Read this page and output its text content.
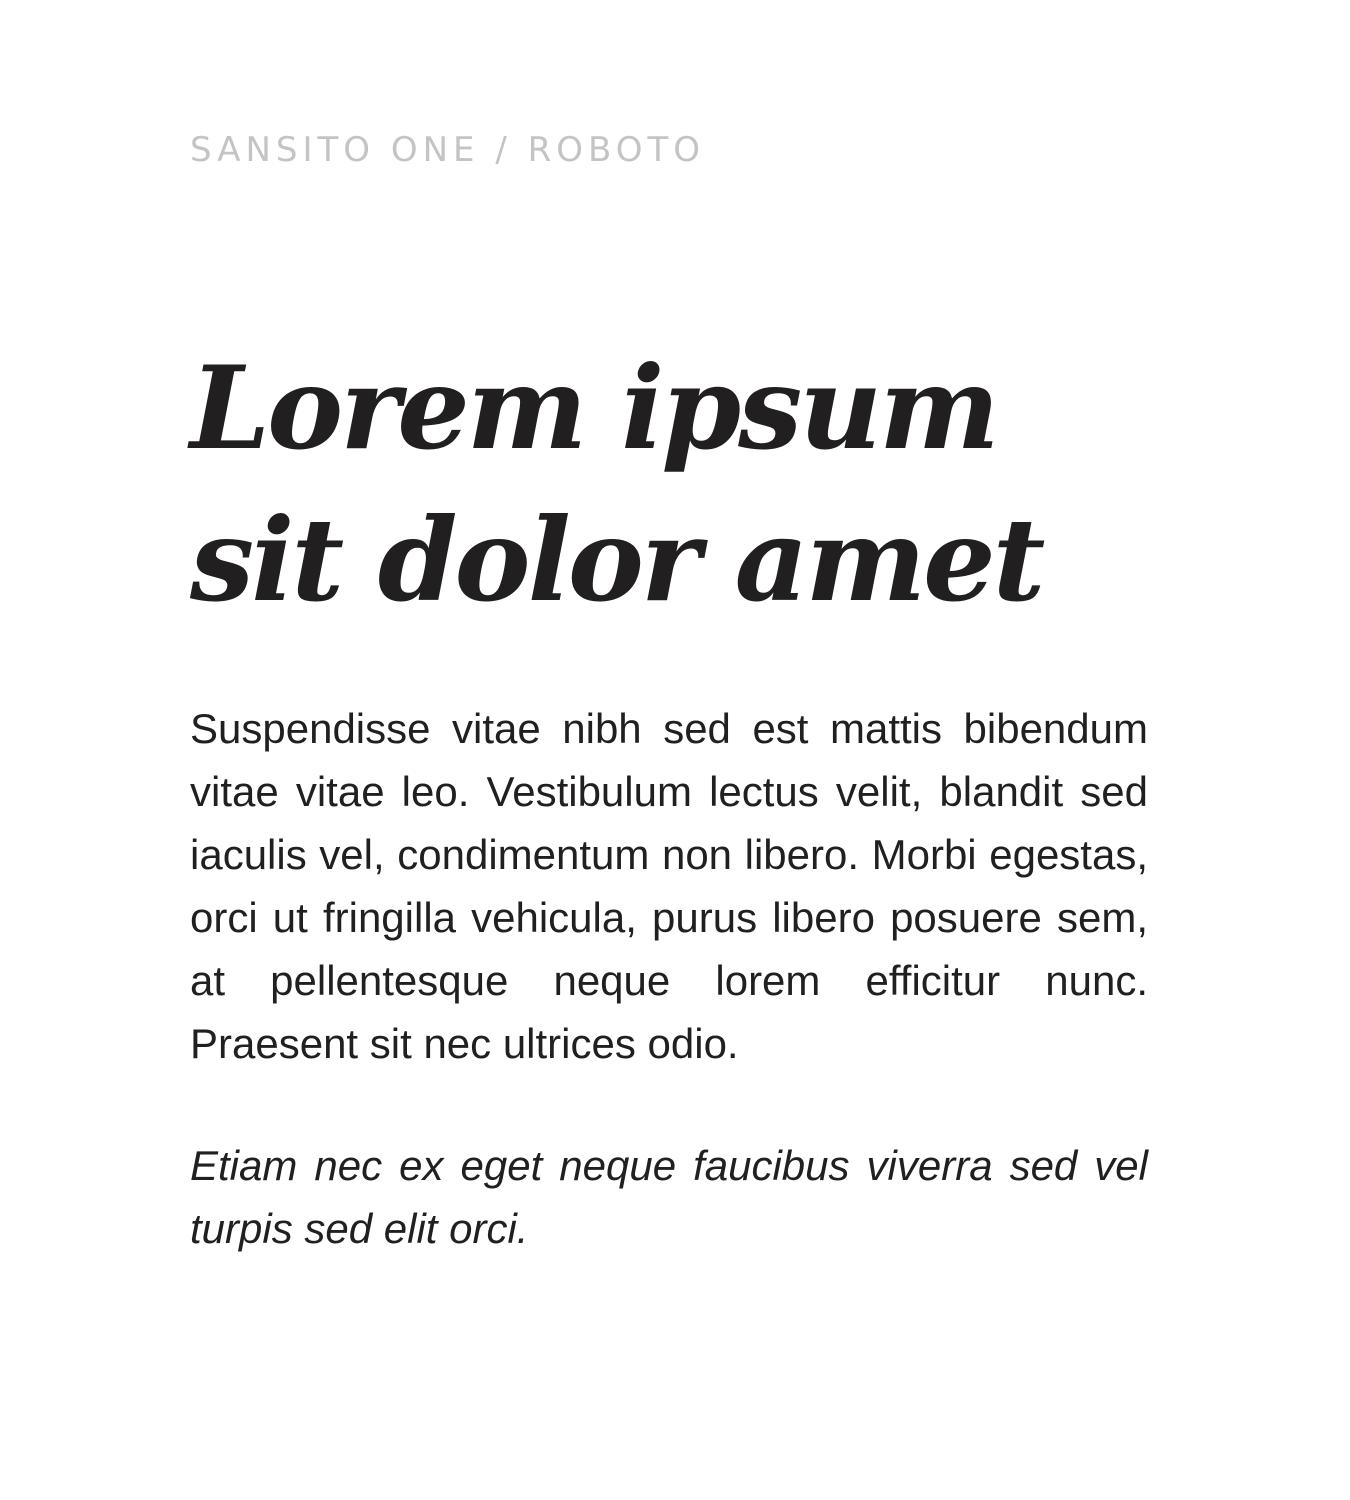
SANSITO ONE / ROBOTO
Lorem ipsum sit dolor amet

Suspendisse vitae nibh sed est mattis bibendum vitae vitae leo. Vestibulum lectus velit, blandit sed iaculis vel, condimentum non libero. Morbi egestas, orci ut fringilla vehicula, purus libero posuere sem, at pellentesque neque lorem efficitur nunc. Praesent sit nec ultrices odio.

Etiam nec ex eget neque faucibus viverra sed vel turpis sed elit orci.
